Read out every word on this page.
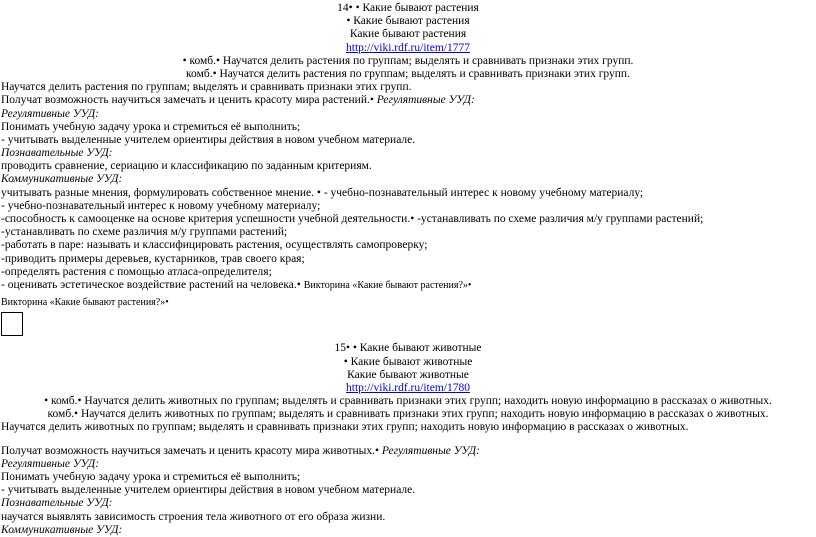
14• • Какие бывают растения
• Какие бывают растения
Какие бывают растения
http://viki.rdf.ru/item/1777
• комб.• Научатся делить растения по группам; выделять и сравнивать признаки этих групп.
комб.• Научатся делить растения по группам; выделять и сравнивать признаки этих групп.
Научатся делить растения по группам; выделять и сравнивать признаки этих групп.
Получат возможность научиться замечать и ценить красоту мира растений.• Регулятивные УУД:
Регулятивные УУД:
Понимать учебную задачу урока и стремиться её выполнить;
- учитывать выделенные учителем ориентиры действия в новом учебном материале.
Познавательные УУД:
проводить сравнение, сериацию и классификацию по заданным критериям.
Коммуникативные УУД:
учитывать разные мнения, формулировать собственное мнение. • - учебно-познавательный интерес к новому учебному материалу;
- учебно-познавательный интерес к новому учебному материалу;
-способность к самооценке на основе критерия успешности учебной деятельности.• -устанавливать по схеме различия м/у группами растений;
-устанавливать по схеме различия м/у группами растений;
-работать в паре: называть и классифицировать растения, осуществлять самопроверку;
-приводить примеры деревьев, кустарников, трав своего края;
-определять растения с помощью атласа-определителя;
- оценивать эстетическое воздействие растений на человека.• Викторина «Какие бывают растения?»•
Викторина «Какие бывают растения?»•
15• • Какие бывают животные
• Какие бывают животные
Какие бывают животные
http://viki.rdf.ru/item/1780
• комб.• Научатся делить животных по группам; выделять и сравнивать признаки этих групп; находить новую информацию в рассказах о животных.
комб.• Научатся делить животных по группам; выделять и сравнивать признаки этих групп; находить новую информацию в рассказах о животных.
Научатся делить животных по группам; выделять и сравнивать признаки этих групп; находить новую информацию в рассказах о животных.
Получат возможность научиться замечать и ценить красоту мира животных.• Регулятивные УУД:
Регулятивные УУД:
Понимать учебную задачу урока и стремиться её выполнить;
- учитывать выделенные учителем ориентиры действия в новом учебном материале.
Познавательные УУД:
научатся выявлять зависимость строения тела животного от его образа жизни.
Коммуникативные УУД:
